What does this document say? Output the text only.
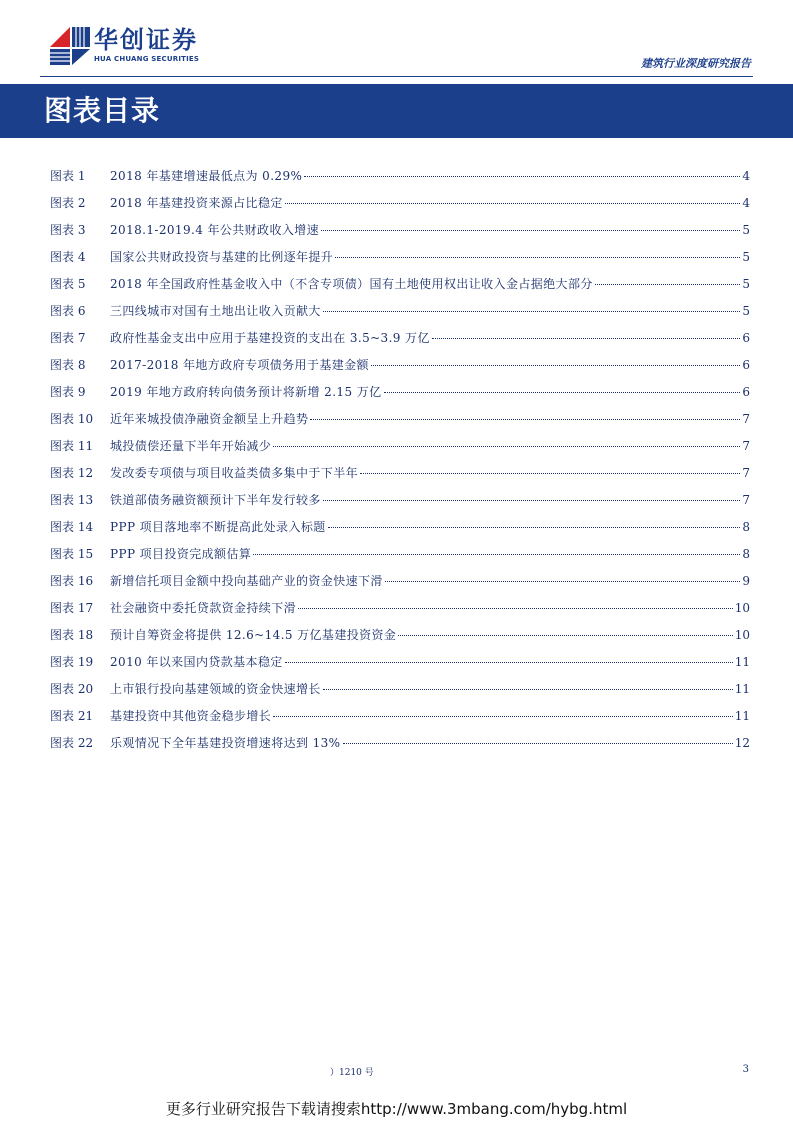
华创证券
HUA CHUANG SECURITIES	建筑行业深度研究报告
图表目录
图表 1	2018 年基建增速最低点为 0.29%	4
图表 2	2018 年基建投资来源占比稳定	4
图表 3	2018.1-2019.4 年公共财政收入增速	5
图表 4	国家公共财政投资与基建的比例逐年提升	5
图表 5	2018 年全国政府性基金收入中（不含专项债）国有土地使用权出让收入金占据绝大部分	5
图表 6	三四线城市对国有土地出让收入贡献大	5
图表 7	政府性基金支出中应用于基建投资的支出在 3.5~3.9 万亿	6
图表 8	2017-2018 年地方政府专项债务用于基建金额	6
图表 9	2019 年地方政府转向债务预计将新增 2.15 万亿	6
图表 10	近年来城投债净融资金额呈上升趋势	7
图表 11	城投债偿还量下半年开始减少	7
图表 12	发改委专项债与项目收益类债多集中于下半年	7
图表 13	铁道部债务融资额预计下半年发行较多	7
图表 14	PPP 项目落地率不断提高此处录入标题	8
图表 15	PPP 项目投资完成额估算	8
图表 16	新增信托项目金额中投向基础产业的资金快速下滑	9
图表 17	社会融资中委托贷款资金持续下滑	10
图表 18	预计自筹资金将提供 12.6~14.5 万亿基建投资资金	10
图表 19	2010 年以来国内贷款基本稳定	11
图表 20	上市银行投向基建领域的资金快速增长	11
图表 21	基建投资中其他资金稳步增长	11
图表 22	乐观情况下全年基建投资增速将达到 13%	12
）1210 号	3
更多行业研究报告下载请搜索http://www.3mbang.com/hybg.html
